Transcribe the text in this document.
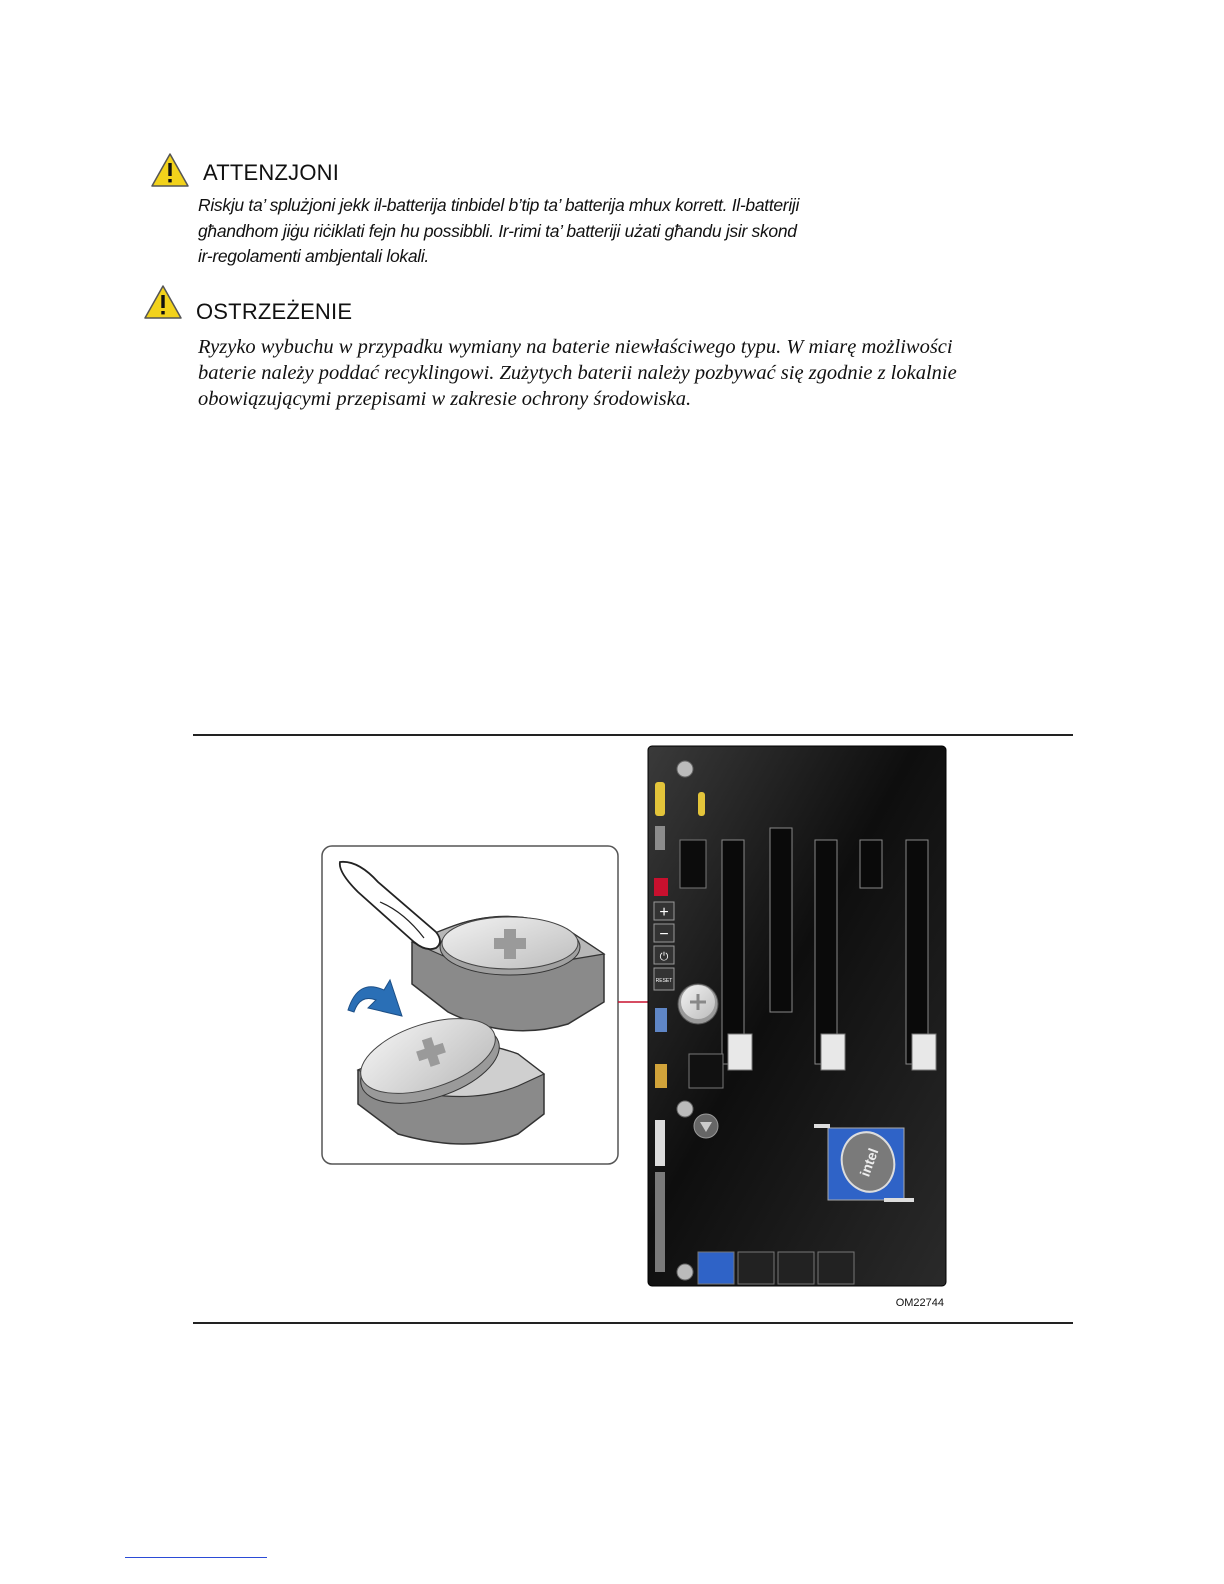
ATTENZJONI
Riskju ta’ splużjoni jekk il-batterija tinbidel b’tip ta’ batterija mhux korrett. Il-batteriji
għandhom jiġu riċiklati fejn hu possibbli. Ir-rimi ta’ batteriji użati għandu jsir skond
ir-regolamenti ambjentali lokali.
OSTRZEŻENIE
Ryzyko wybuchu w przypadku wymiany na baterie niewłaściwego typu. W miarę możliwości
baterie należy poddać recyklingowi. Zużytych baterii należy pozbywać się zgodnie z lokalnie
obowiązującymi przepisami w zakresie ochrony środowiska.
+
−
⏻
RESET
intel
OM22744
